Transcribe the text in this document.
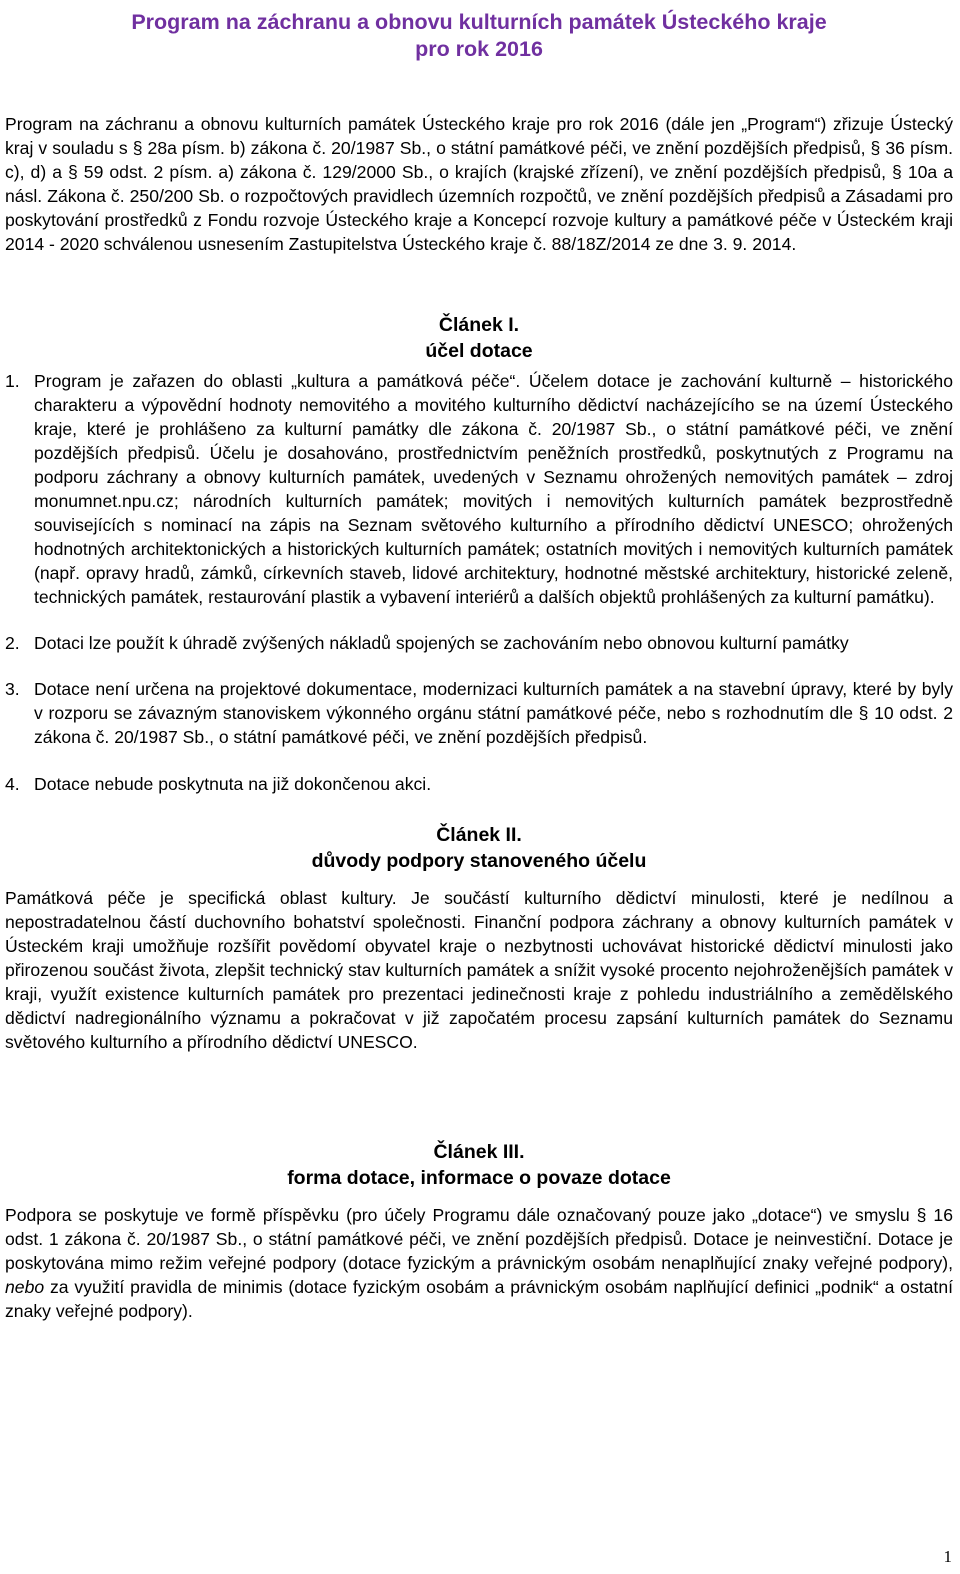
Program na záchranu a obnovu kulturních památek Ústeckého kraje
pro rok 2016

Program na záchranu a obnovu kulturních památek Ústeckého kraje pro rok 2016 (dále jen „Program“) zřizuje Ústecký kraj v souladu s § 28a písm. b) zákona č. 20/1987 Sb., o státní památkové péči, ve znění pozdějších předpisů, § 36 písm. c), d) a § 59 odst. 2 písm. a) zákona č. 129/2000 Sb., o krajích (krajské zřízení), ve znění pozdějších předpisů, § 10a a násl. Zákona č. 250/200 Sb. o rozpočtových pravidlech územních rozpočtů, ve znění pozdějších předpisů a Zásadami pro poskytování prostředků z Fondu rozvoje Ústeckého kraje a Koncepcí rozvoje kultury a památkové péče v Ústeckém kraji 2014 - 2020 schválenou usnesením Zastupitelstva Ústeckého kraje č. 88/18Z/2014 ze dne 3. 9. 2014.

Článek I.
účel dotace
1. Program je zařazen do oblasti „kultura a památková péče“. Účelem dotace je zachování kulturně – historického charakteru a výpovědní hodnoty nemovitého a movitého kulturního dědictví nacházejícího se na území Ústeckého kraje, které je prohlášeno za kulturní památky dle zákona č. 20/1987 Sb., o státní památkové péči, ve znění pozdějších předpisů. Účelu je dosahováno, prostřednictvím peněžních prostředků, poskytnutých z Programu na podporu záchrany a obnovy kulturních památek, uvedených v Seznamu ohrožených nemovitých památek – zdroj monumnet.npu.cz; národních kulturních památek; movitých i nemovitých kulturních památek bezprostředně souvisejících s nominací na zápis na Seznam světového kulturního a přírodního dědictví UNESCO; ohrožených hodnotných architektonických a historických kulturních památek; ostatních movitých i nemovitých kulturních památek (např. opravy hradů, zámků, církevních staveb, lidové architektury, hodnotné městské architektury, historické zeleně, technických památek, restaurování plastik a vybavení interiérů a dalších objektů prohlášených za kulturní památku).
2. Dotaci lze použít k úhradě zvýšených nákladů spojených se zachováním nebo obnovou kulturní památky
3. Dotace není určena na projektové dokumentace, modernizaci kulturních památek a na stavební úpravy, které by byly v rozporu se závazným stanoviskem výkonného orgánu státní památkové péče, nebo s rozhodnutím dle § 10 odst. 2 zákona č. 20/1987 Sb., o státní památkové péči, ve znění pozdějších předpisů.
4. Dotace nebude poskytnuta na již dokončenou akci.
Článek II.
důvody podpory stanoveného účelu

Památková péče je specifická oblast kultury. Je součástí kulturního dědictví minulosti, které je nedílnou a nepostradatelnou částí duchovního bohatství společnosti. Finanční podpora záchrany a obnovy kulturních památek v Ústeckém kraji umožňuje rozšířit povědomí obyvatel kraje o nezbytnosti uchovávat historické dědictví minulosti jako přirozenou součást života, zlepšit technický stav kulturních památek a snížit vysoké procento nejohroženějších památek v kraji, využít existence kulturních památek pro prezentaci jedinečnosti kraje z pohledu industriálního a zemědělského dědictví nadregionálního významu a pokračovat v již započatém procesu zapsání kulturních památek do Seznamu světového kulturního a přírodního dědictví UNESCO.

Článek III.
forma dotace, informace o povaze dotace

Podpora se poskytuje ve formě příspěvku (pro účely Programu dále označovaný pouze jako „dotace“) ve smyslu § 16 odst. 1 zákona č. 20/1987 Sb., o státní památkové péči, ve znění pozdějších předpisů. Dotace je neinvestiční. Dotace je poskytována mimo režim veřejné podpory (dotace fyzickým a právnickým osobám nenaplňující znaky veřejné podpory), nebo za využití pravidla de minimis (dotace fyzickým osobám a právnickým osobám naplňující definici „podnik“ a ostatní znaky veřejné podpory).

1
